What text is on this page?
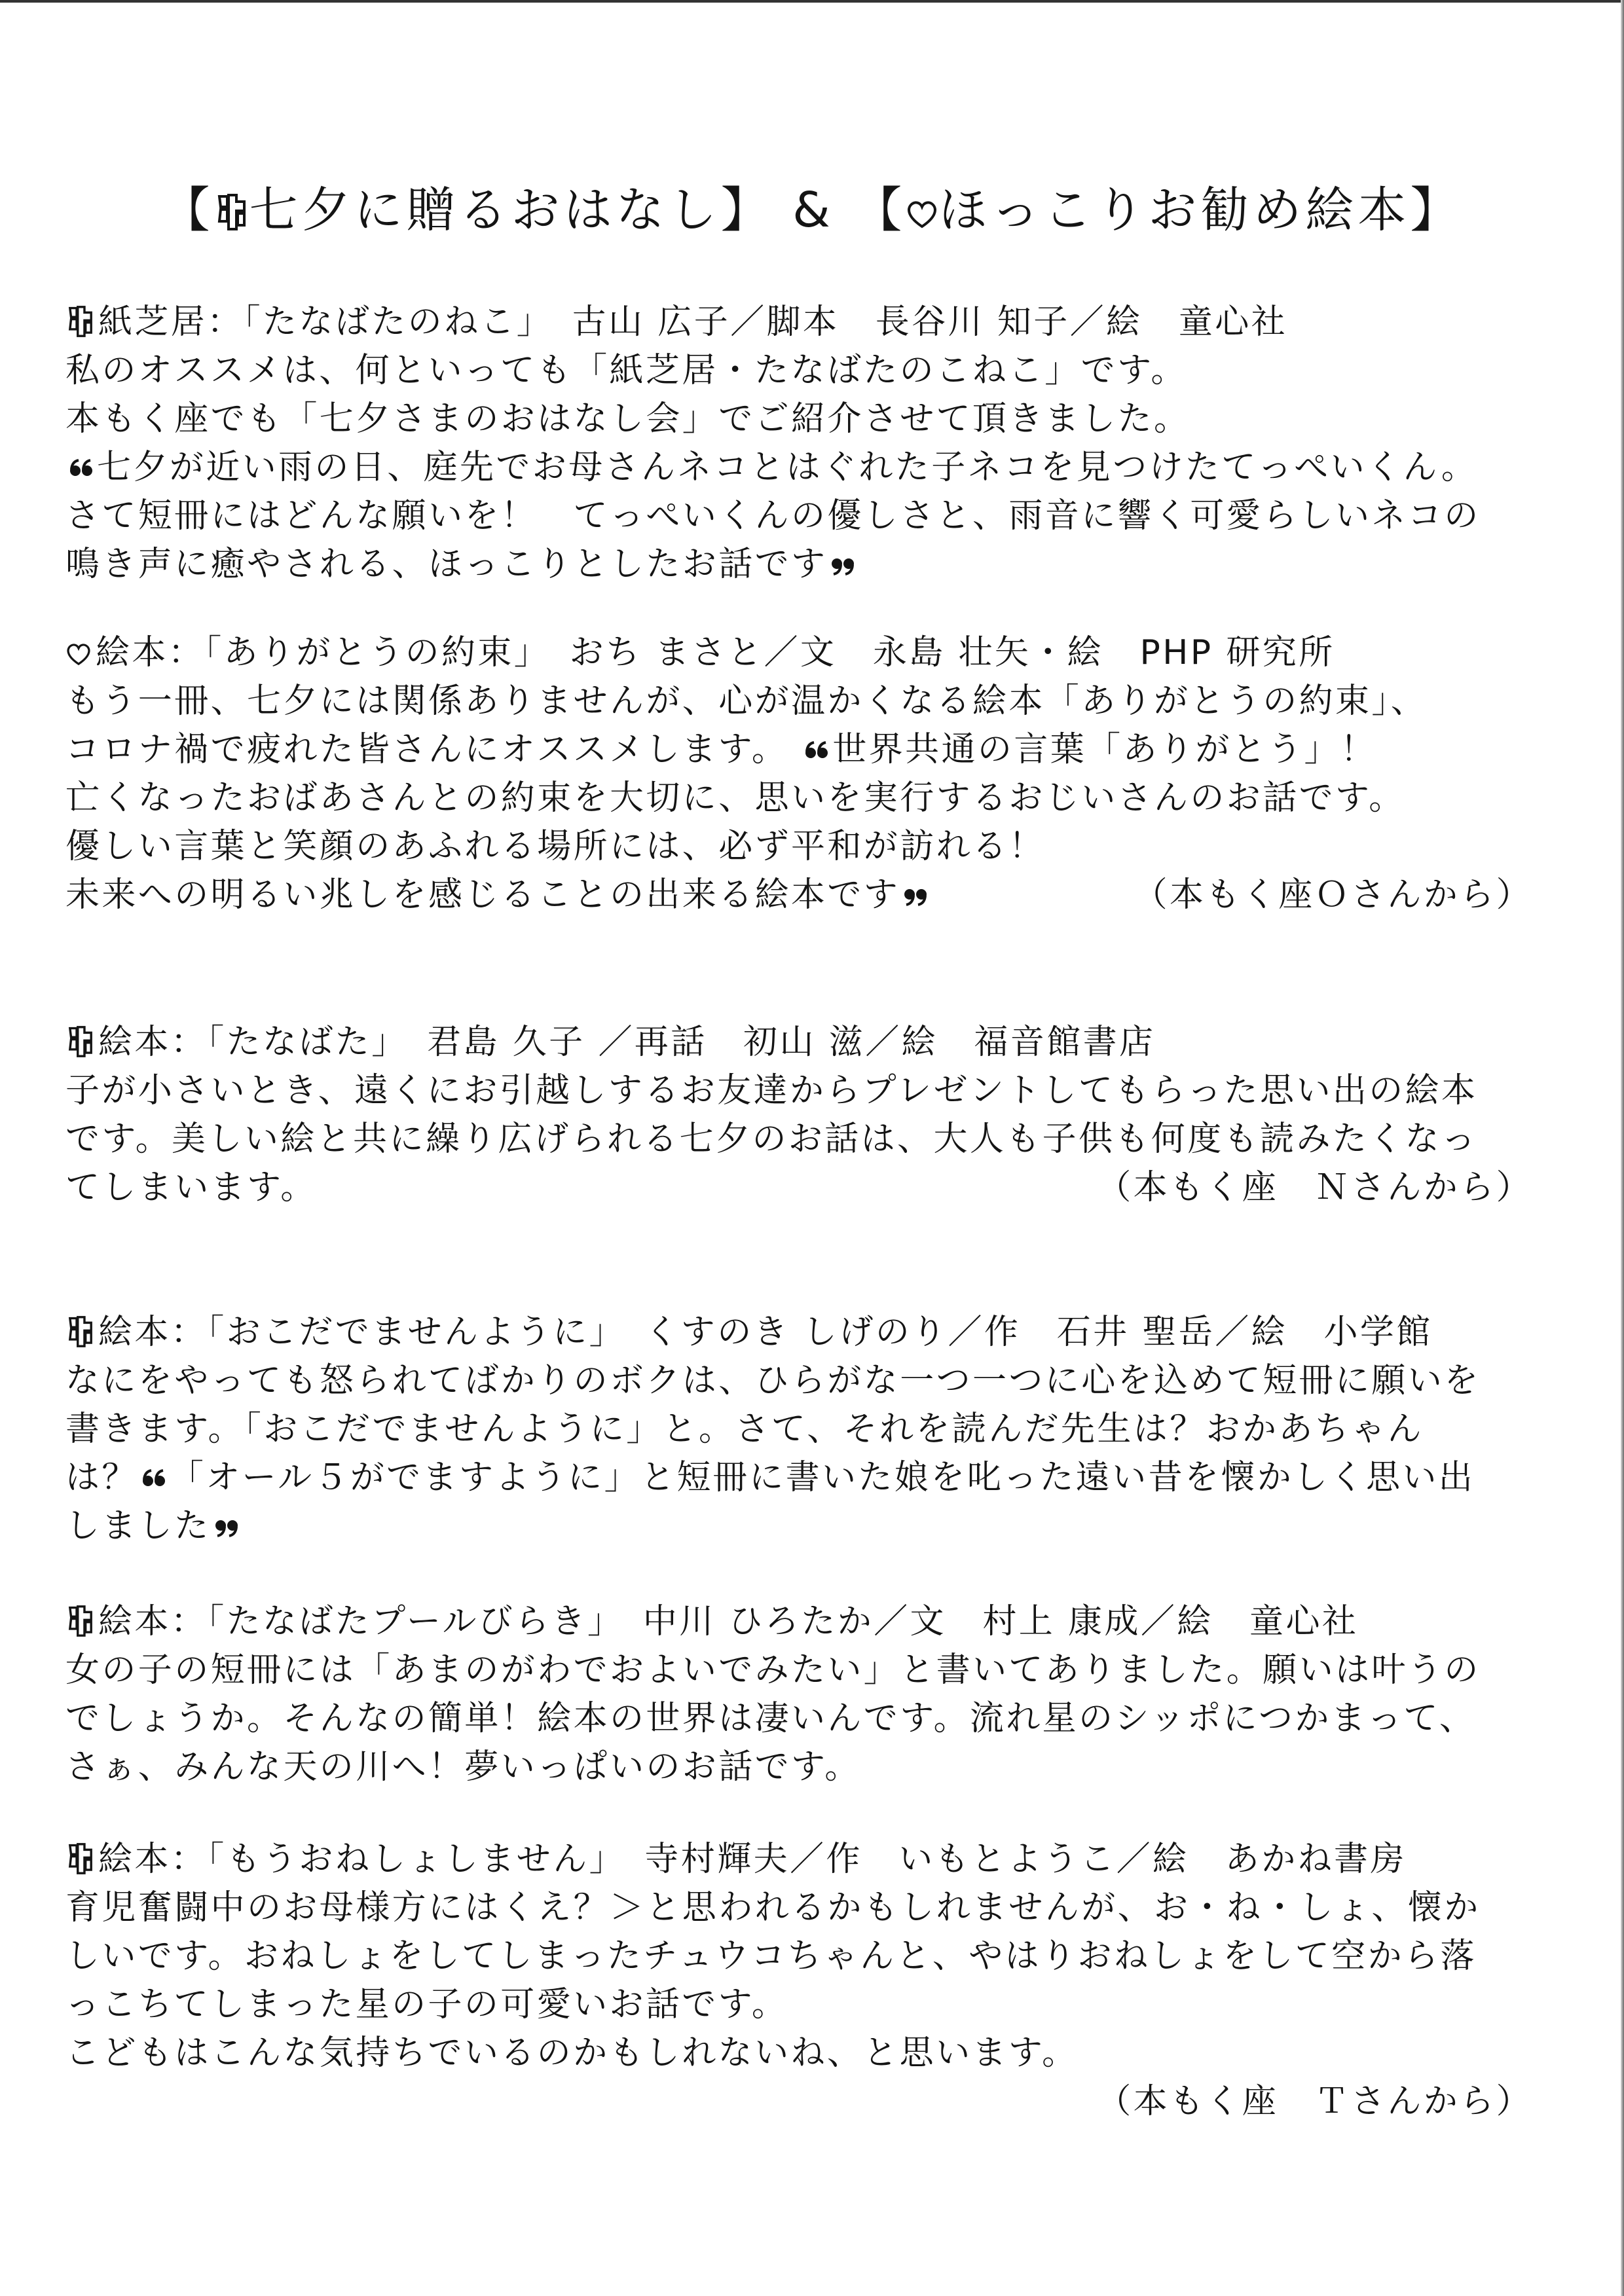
【 七夕に贈るおはなし】 & 【 ほっこりお勧め絵本】
紙芝居：「たなばたのねこ」　古山 広子／脚本　長谷川 知子／絵　童心社
私のオススメは、何といっても「紙芝居・たなばたのこねこ」です。
本もく座でも「七夕さまのおはなし会」でご紹介させて頂きました。
七夕が近い雨の日、庭先でお母さんネコとはぐれた子ネコを見つけたてっぺいくん。
さて短冊にはどんな願いを！　てっぺいくんの優しさと、雨音に響く可愛らしいネコの
鳴き声に癒やされる、ほっこりとしたお話です
絵本：「ありがとうの約束」　おち まさと／文　永島 壮矢・絵　PHP 研究所
もう一冊、七夕には関係ありませんが、心が温かくなる絵本「ありがとうの約束」、
コロナ禍で疲れた皆さんにオススメします。 世界共通の言葉「ありがとう」！
亡くなったおばあさんとの約束を大切に、思いを実行するおじいさんのお話です。
優しい言葉と笑顔のあふれる場所には、必ず平和が訪れる！
未来への明るい兆しを感じることの出来る絵本です	（本もく座Ｏさんから）
絵本：「たなばた」　君島 久子 ／再話　初山 滋／絵　福音館書店
子が小さいとき、遠くにお引越しするお友達からプレゼントしてもらった思い出の絵本
です。美しい絵と共に繰り広げられる七夕のお話は、大人も子供も何度も読みたくなっ
てしまいます。	（本もく座　Ｎさんから）
絵本：「おこだでませんように」　くすのき しげのり／作　石井 聖岳／絵　小学館
なにをやっても怒られてばかりのボクは、ひらがな一つ一つに心を込めて短冊に願いを
書きます。「おこだでませんように」と。さて、それを読んだ先生は？おかあちゃん
は？ 「オール５がでますように」と短冊に書いた娘を叱った遠い昔を懐かしく思い出
しました
絵本：「たなばたプールびらき」　中川 ひろたか／文　村上 康成／絵　童心社
女の子の短冊には「あまのがわでおよいでみたい」と書いてありました。願いは叶うの
でしょうか。そんなの簡単！絵本の世界は凄いんです。流れ星のシッポにつかまって、
さぁ、みんな天の川へ！夢いっぱいのお話です。
絵本：「もうおねしょしません」　寺村輝夫／作　いもとようこ／絵　あかね書房
育児奮闘中のお母様方にはくえ？＞と思われるかもしれませんが、お・ね・しょ、懐か
しいです。おねしょをしてしまったチュウコちゃんと、やはりおねしょをして空から落
っこちてしまった星の子の可愛いお話です。
こどもはこんな気持ちでいるのかもしれないね、と思います。
（本もく座　Ｔさんから）
